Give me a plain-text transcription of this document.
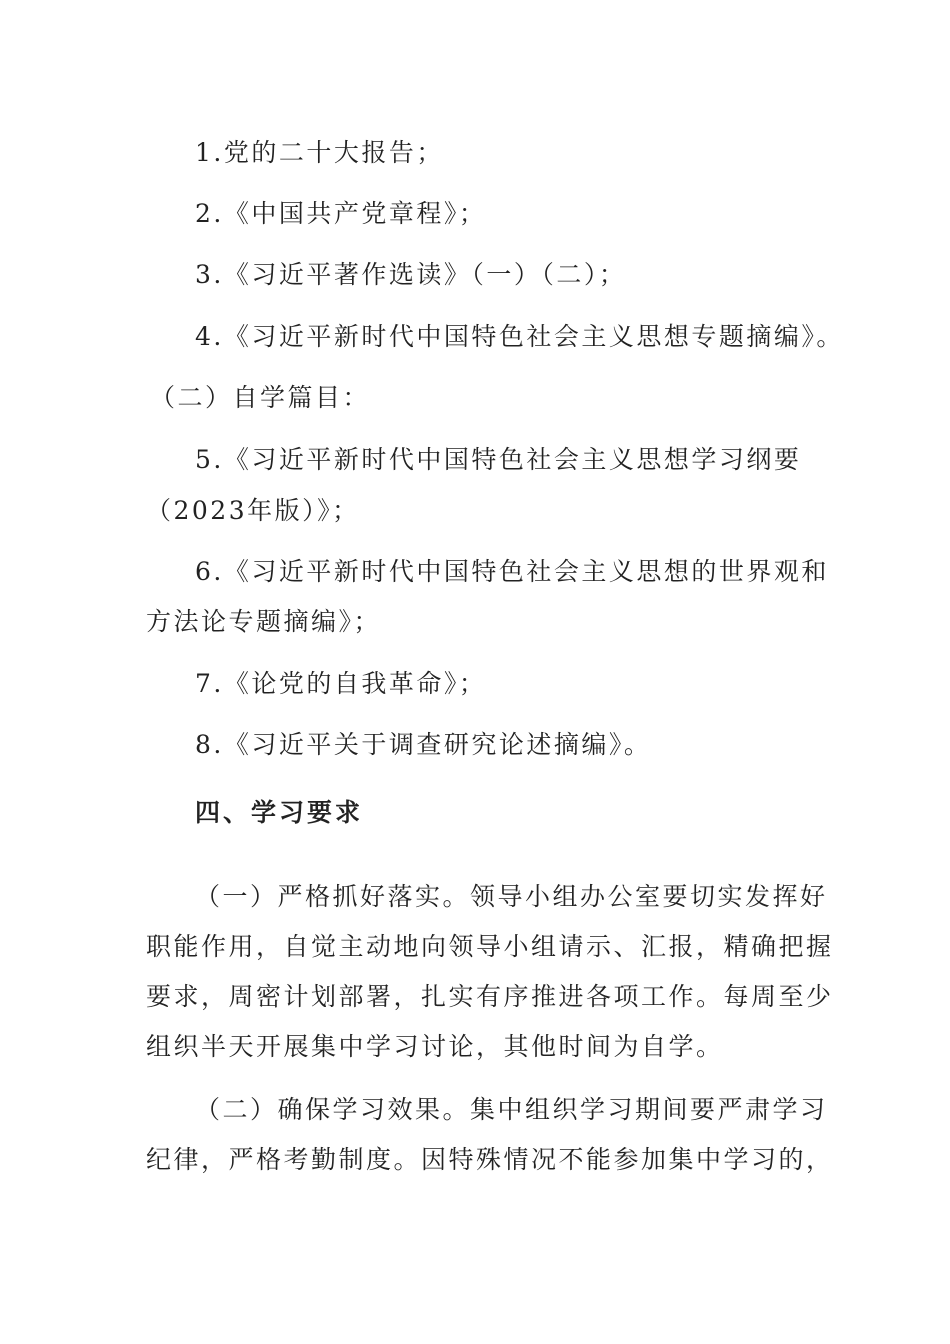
1.党的二十大报告；
2.《中国共产党章程》；
3.《习近平著作选读》（一）（二）；
4.《习近平新时代中国特色社会主义思想专题摘编》。
（二）自学篇目：
5.《习近平新时代中国特色社会主义思想学习纲要
（2023年版）》；
6.《习近平新时代中国特色社会主义思想的世界观和
方法论专题摘编》；
7.《论党的自我革命》；
8.《习近平关于调查研究论述摘编》。
四、学习要求
（一）严格抓好落实。领导小组办公室要切实发挥好
职能作用，自觉主动地向领导小组请示、汇报，精确把握
要求，周密计划部署，扎实有序推进各项工作。每周至少
组织半天开展集中学习讨论，其他时间为自学。
（二）确保学习效果。集中组织学习期间要严肃学习
纪律，严格考勤制度。因特殊情况不能参加集中学习的，
